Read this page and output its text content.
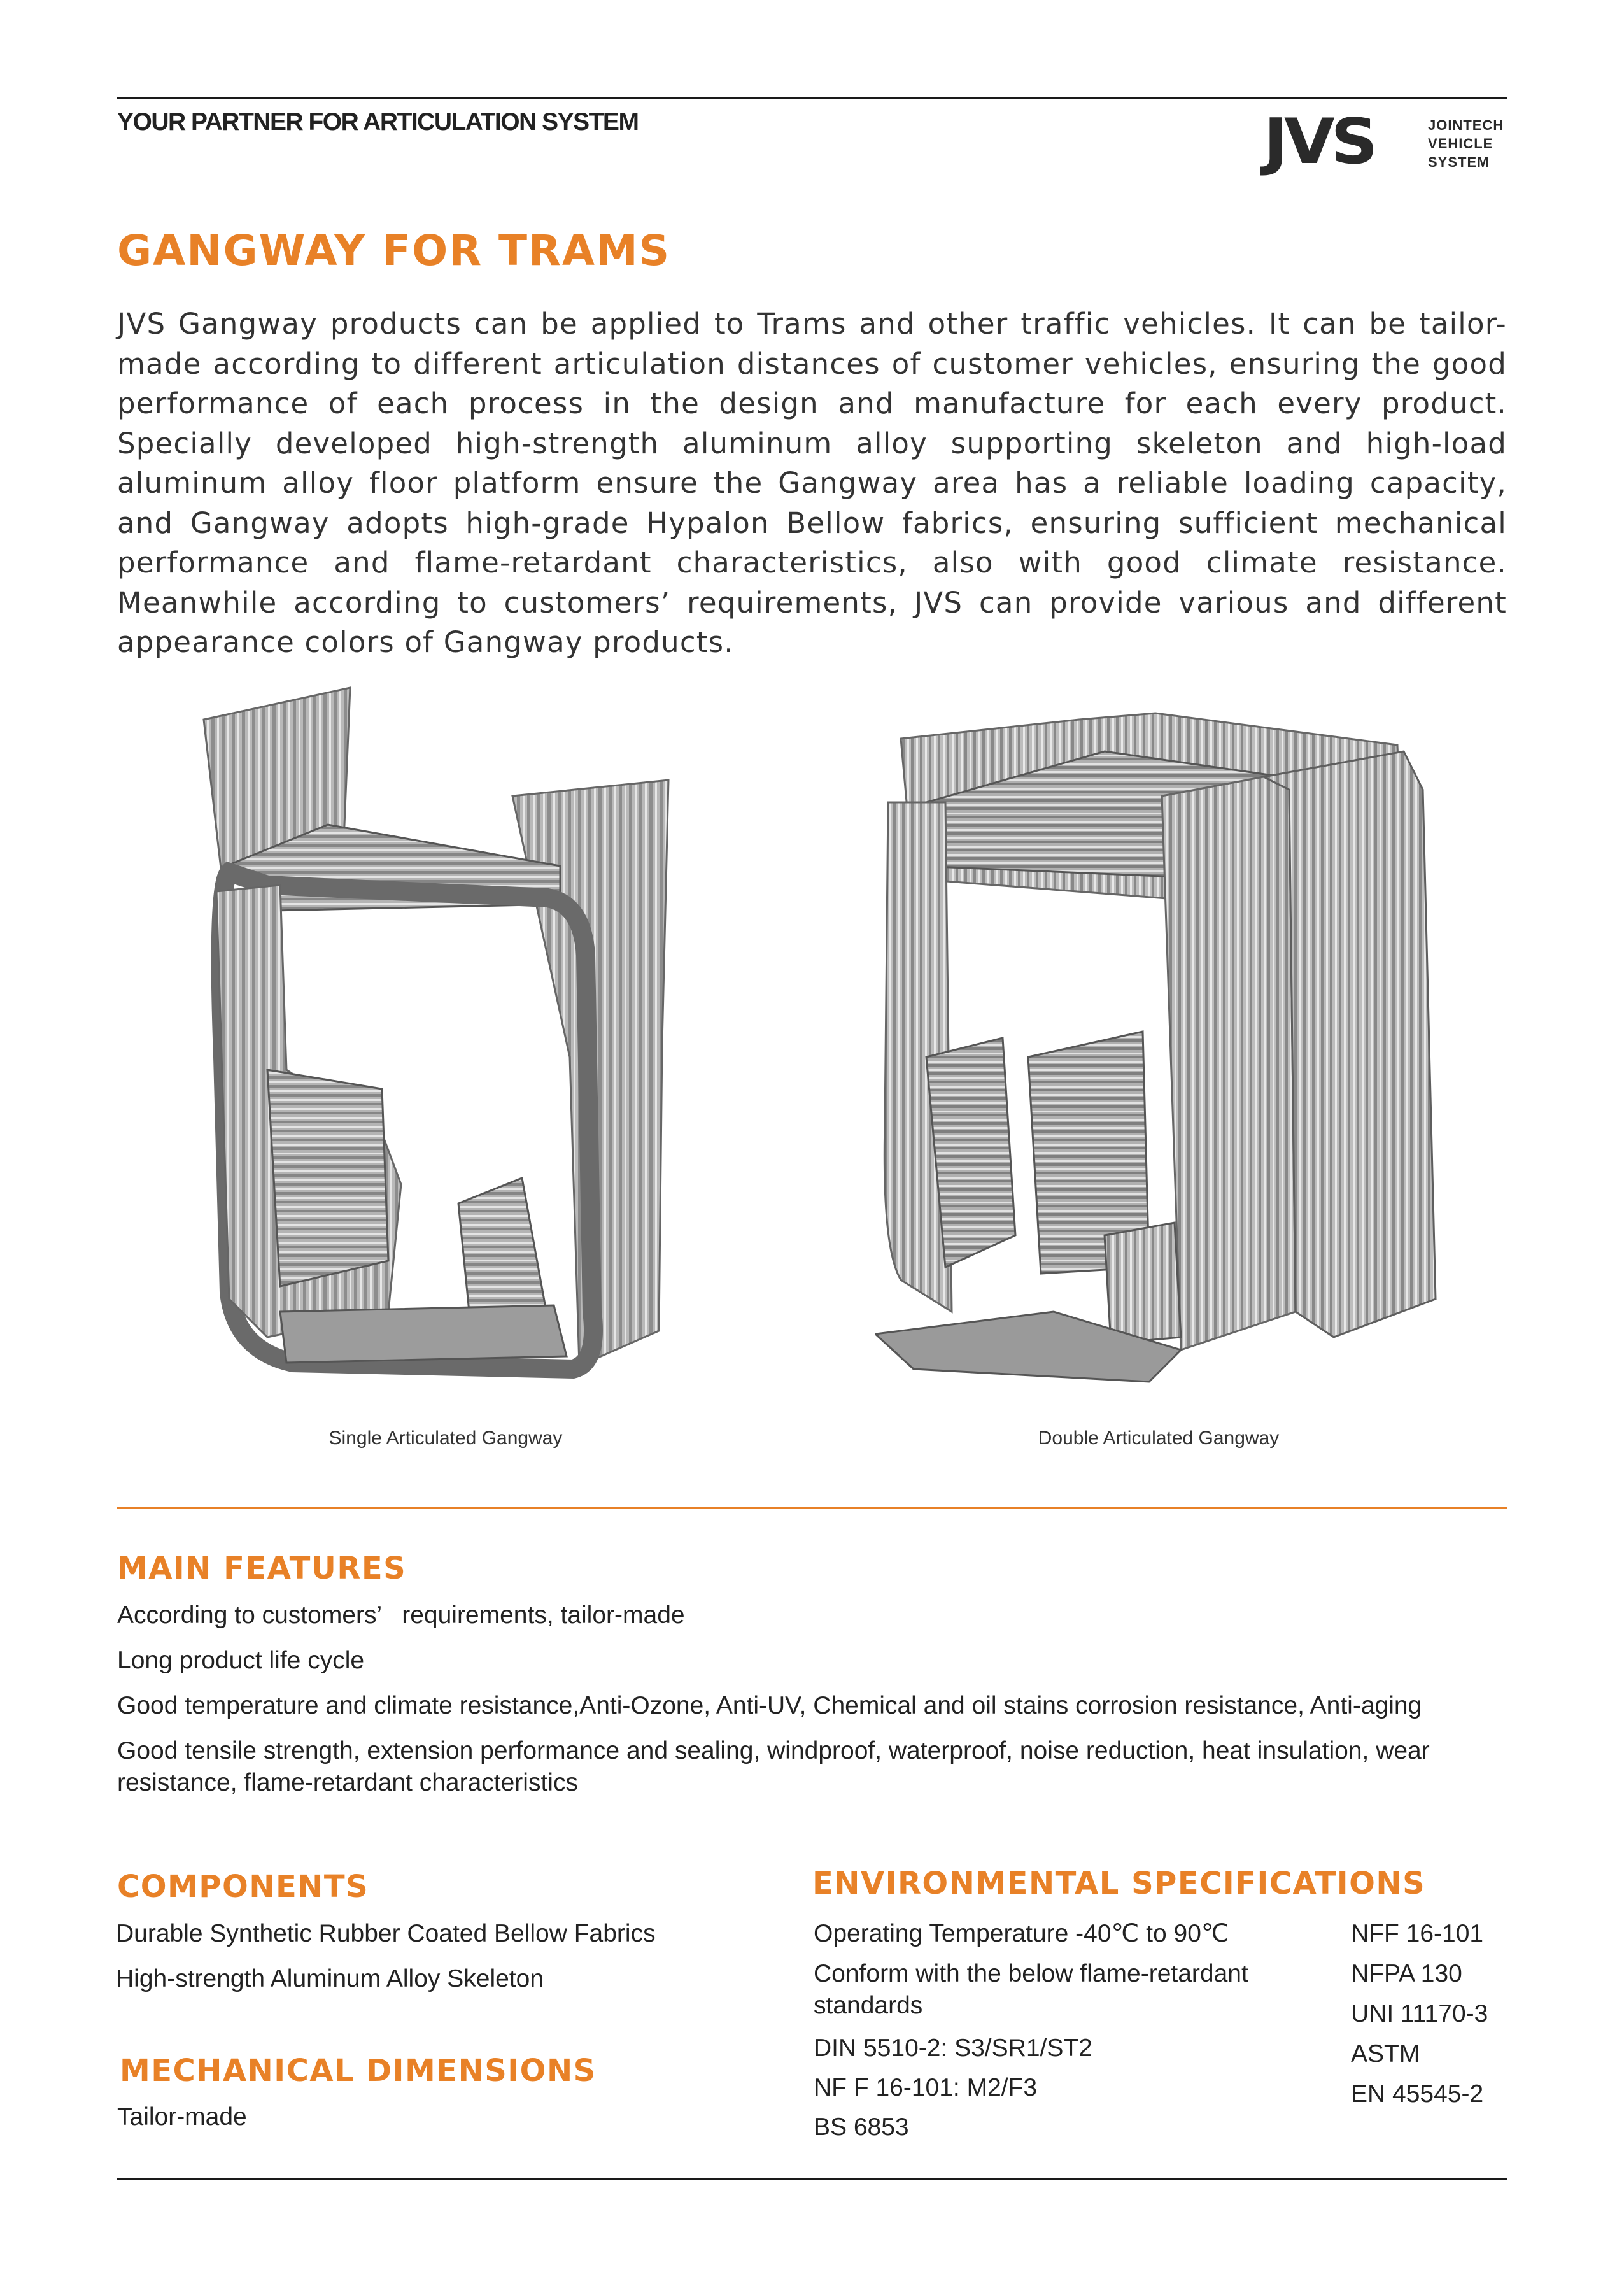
YOUR PARTNER FOR ARTICULATION SYSTEM	JVS	JOINTECH
VEHICLE
SYSTEM
GANGWAY FOR TRAMS
JVS Gangway products can be applied to Trams and other traffic vehicles. It can be tailor-made according to different articulation distances of customer vehicles, ensuring the good performance of each process in the design and manufacture for each every product. Specially developed high-strength aluminum alloy supporting skeleton and high-load aluminum alloy floor platform ensure the Gangway area has a reliable loading capacity, and Gangway adopts high-grade Hypalon Bellow fabrics, ensuring sufficient mechanical performance and flame-retardant characteristics, also with good climate resistance. Meanwhile according to customers’ requirements, JVS can provide various and different appearance colors of Gangway products.
Single Articulated Gangway	Double Articulated Gangway
MAIN FEATURES
According to customers’   requirements, tailor-made
Long product life cycle
Good temperature and climate resistance,Anti-Ozone, Anti-UV, Chemical and oil stains corrosion resistance, Anti-aging
Good tensile strength, extension performance and sealing, windproof, waterproof, noise reduction, heat insulation, wear resistance, flame-retardant characteristics
COMPONENTS
Durable Synthetic Rubber Coated Bellow Fabrics
High-strength Aluminum Alloy Skeleton
MECHANICAL DIMENSIONS
Tailor-made
ENVIRONMENTAL SPECIFICATIONS
Operating Temperature -40℃ to 90℃
Conform with the below flame-retardant standards
DIN 5510-2: S3/SR1/ST2
NF F 16-101: M2/F3
BS 6853
NFF 16-101
NFPA 130
UNI 11170-3
ASTM
EN 45545-2
